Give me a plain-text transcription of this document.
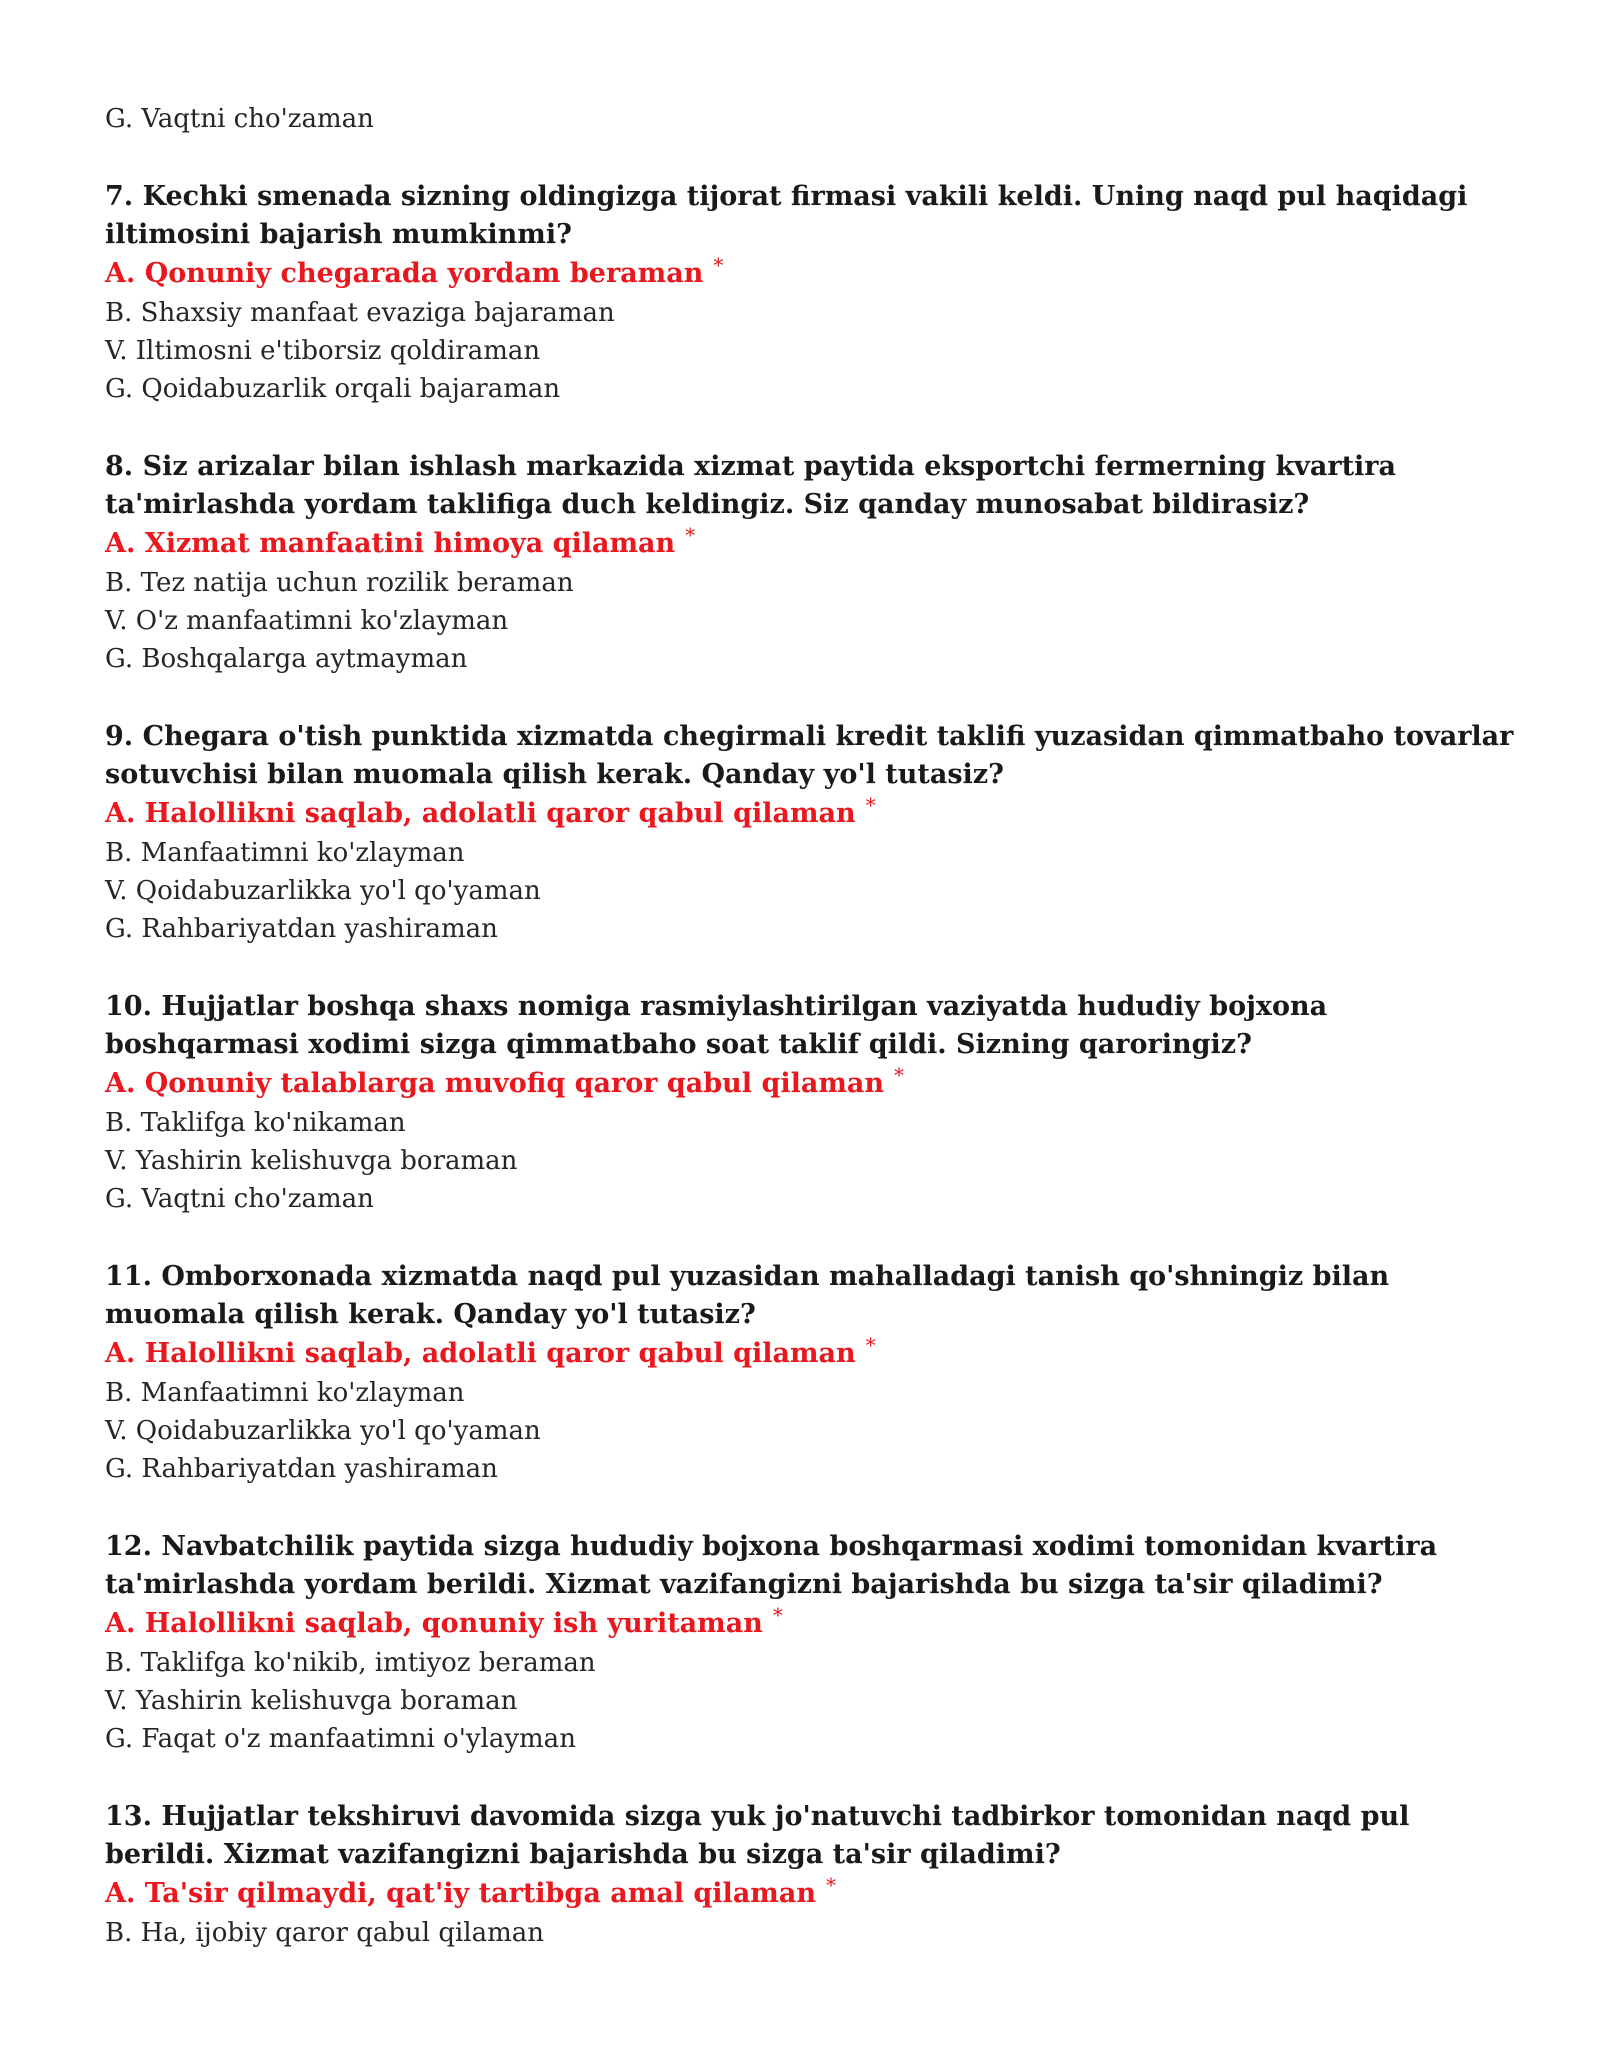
G. Vaqtni cho'zaman

7. Kechki smenada sizning oldingizga tijorat firmasi vakili keldi. Uning naqd pul haqidagi iltimosini bajarish mumkinmi?

A. Qonuniy chegarada yordam beraman *

B. Shaxsiy manfaat evaziga bajaraman

V. Iltimosni e'tiborsiz qoldiraman

G. Qoidabuzarlik orqali bajaraman

8. Siz arizalar bilan ishlash markazida xizmat paytida eksportchi fermerning kvartira ta'mirlashda yordam taklifiga duch keldingiz. Siz qanday munosabat bildirasiz?

A. Xizmat manfaatini himoya qilaman *

B. Tez natija uchun rozilik beraman

V. O'z manfaatimni ko'zlayman

G. Boshqalarga aytmayman

9. Chegara o'tish punktida xizmatda chegirmali kredit taklifi yuzasidan qimmatbaho tovarlar sotuvchisi bilan muomala qilish kerak. Qanday yo'l tutasiz?

A. Halollikni saqlab, adolatli qaror qabul qilaman *

B. Manfaatimni ko'zlayman

V. Qoidabuzarlikka yo'l qo'yaman

G. Rahbariyatdan yashiraman

10. Hujjatlar boshqa shaxs nomiga rasmiylashtirilgan vaziyatda hududiy bojxona boshqarmasi xodimi sizga qimmatbaho soat taklif qildi. Sizning qaroringiz?

A. Qonuniy talablarga muvofiq qaror qabul qilaman *

B. Taklifga ko'nikaman

V. Yashirin kelishuvga boraman

G. Vaqtni cho'zaman

11. Omborxonada xizmatda naqd pul yuzasidan mahalladagi tanish qo'shningiz bilan muomala qilish kerak. Qanday yo'l tutasiz?

A. Halollikni saqlab, adolatli qaror qabul qilaman *

B. Manfaatimni ko'zlayman

V. Qoidabuzarlikka yo'l qo'yaman

G. Rahbariyatdan yashiraman

12. Navbatchilik paytida sizga hududiy bojxona boshqarmasi xodimi tomonidan kvartira ta'mirlashda yordam berildi. Xizmat vazifangizni bajarishda bu sizga ta'sir qiladimi?

A. Halollikni saqlab, qonuniy ish yuritaman *

B. Taklifga ko'nikib, imtiyoz beraman

V. Yashirin kelishuvga boraman

G. Faqat o'z manfaatimni o'ylayman

13. Hujjatlar tekshiruvi davomida sizga yuk jo'natuvchi tadbirkor tomonidan naqd pul berildi. Xizmat vazifangizni bajarishda bu sizga ta'sir qiladimi?

A. Ta'sir qilmaydi, qat'iy tartibga amal qilaman *

B. Ha, ijobiy qaror qabul qilaman
